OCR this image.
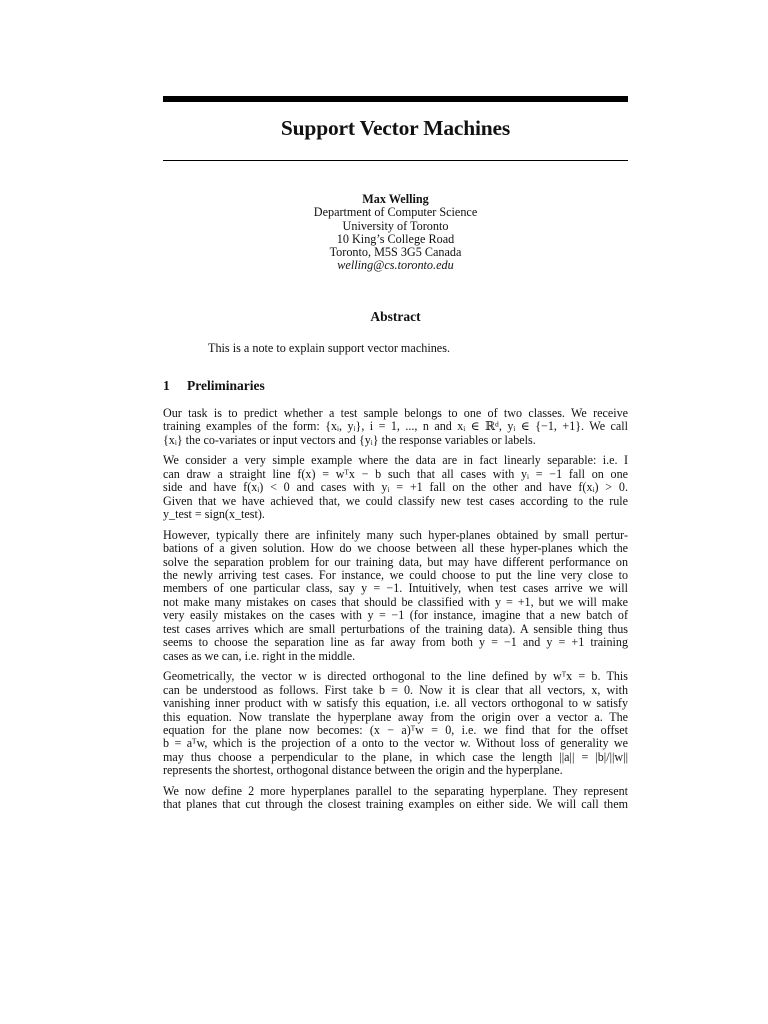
Support Vector Machines
Max Welling
Department of Computer Science
University of Toronto
10 King’s College Road
Toronto, M5S 3G5 Canada
welling@cs.toronto.edu
Abstract
This is a note to explain support vector machines.
1 Preliminaries

Our task is to predict whether a test sample belongs to one of two classes. We receive
training examples of the form: {xᵢ, yᵢ}, i = 1, ..., n and xᵢ ∈ ℝᵈ, yᵢ ∈ {−1, +1}. We call
{xᵢ} the co-variates or input vectors and {yᵢ} the response variables or labels.

We consider a very simple example where the data are in fact linearly separable: i.e. I
can draw a straight line f(x) = wᵀx − b such that all cases with yᵢ = −1 fall on one
side and have f(xᵢ) < 0 and cases with yᵢ = +1 fall on the other and have f(xᵢ) > 0.
Given that we have achieved that, we could classify new test cases according to the rule
y_test = sign(x_test).

However, typically there are infinitely many such hyper-planes obtained by small pertur-
bations of a given solution. How do we choose between all these hyper-planes which the
solve the separation problem for our training data, but may have different performance on
the newly arriving test cases. For instance, we could choose to put the line very close to
members of one particular class, say y = −1. Intuitively, when test cases arrive we will
not make many mistakes on cases that should be classified with y = +1, but we will make
very easily mistakes on the cases with y = −1 (for instance, imagine that a new batch of
test cases arrives which are small perturbations of the training data). A sensible thing thus
seems to choose the separation line as far away from both y = −1 and y = +1 training
cases as we can, i.e. right in the middle.

Geometrically, the vector w is directed orthogonal to the line defined by wᵀx = b. This
can be understood as follows. First take b = 0. Now it is clear that all vectors, x, with
vanishing inner product with w satisfy this equation, i.e. all vectors orthogonal to w satisfy
this equation. Now translate the hyperplane away from the origin over a vector a. The
equation for the plane now becomes: (x − a)ᵀw = 0, i.e. we find that for the offset
b = aᵀw, which is the projection of a onto to the vector w. Without loss of generality we
may thus choose a perpendicular to the plane, in which case the length ||a|| = |b|/||w||
represents the shortest, orthogonal distance between the origin and the hyperplane.

We now define 2 more hyperplanes parallel to the separating hyperplane. They represent
that planes that cut through the closest training examples on either side. We will call them
